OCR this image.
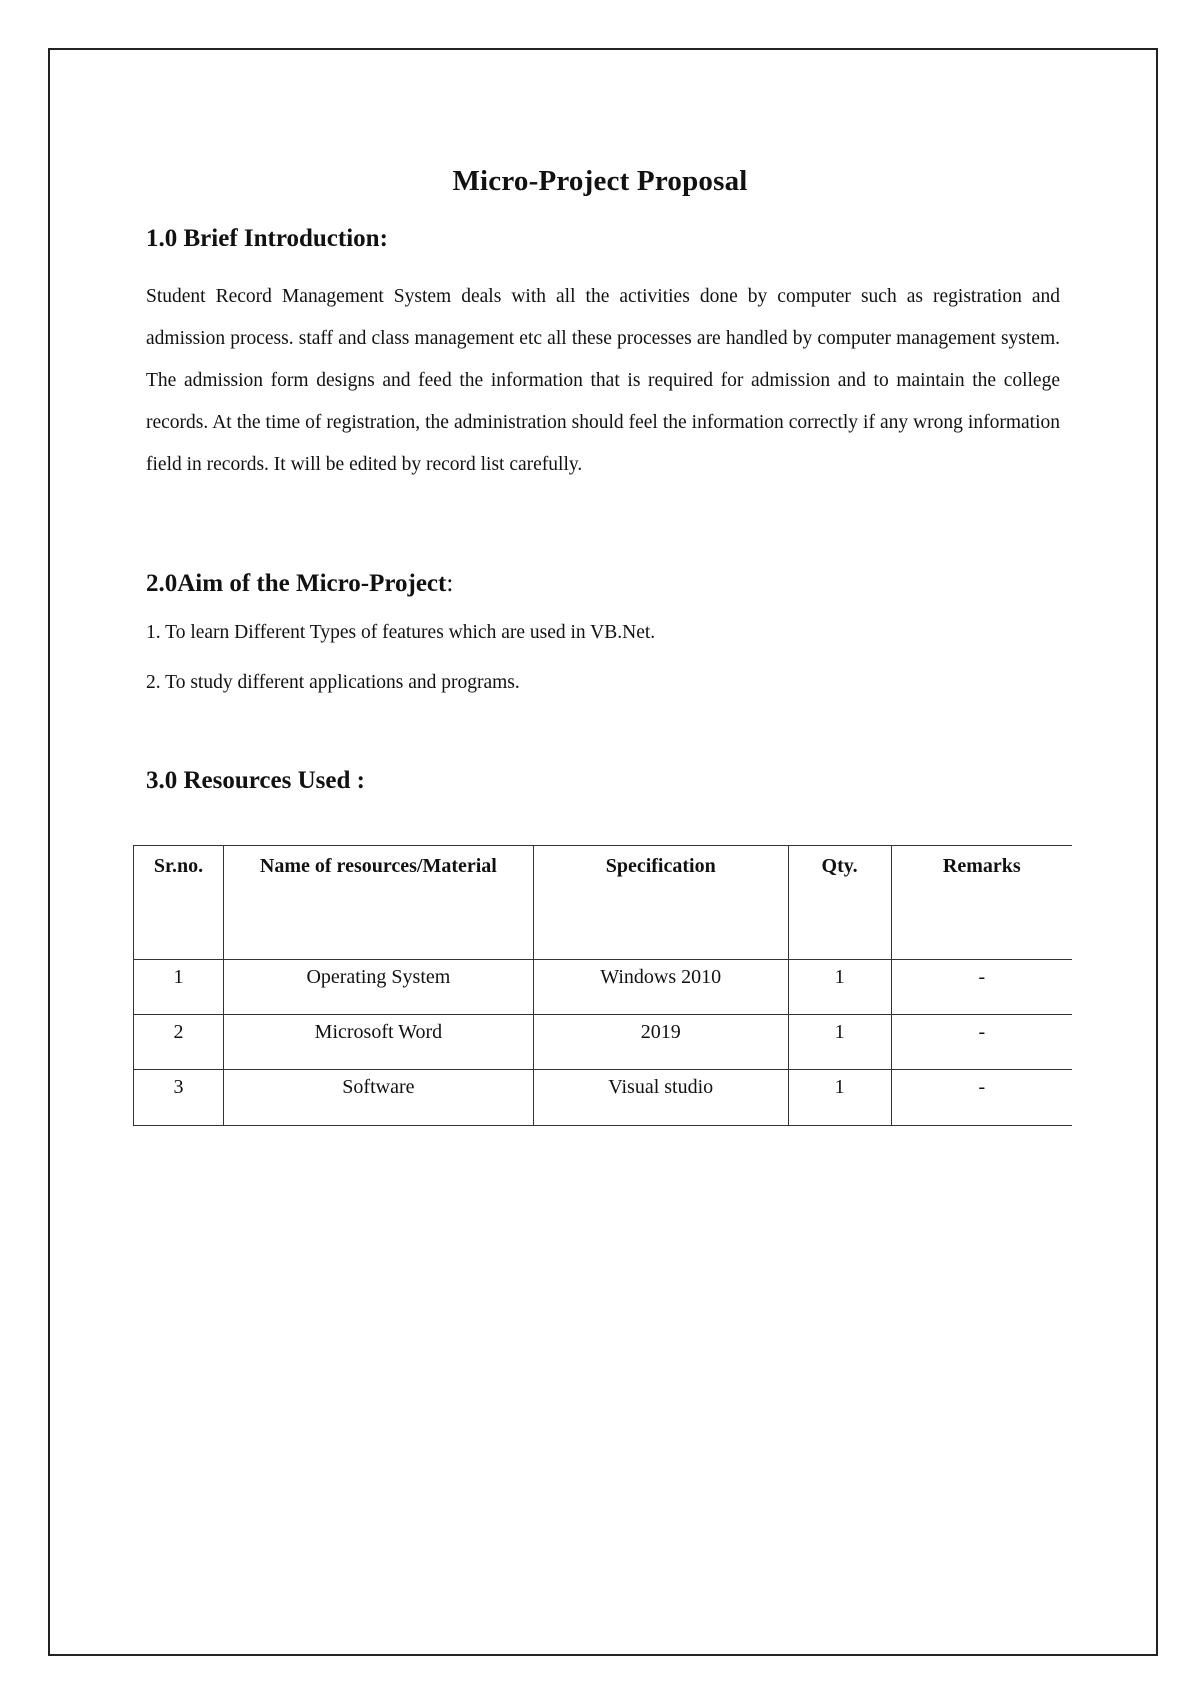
Micro-Project Proposal
1.0 Brief Introduction:

Student Record Management System deals with all the activities done by computer such as registration and admission process. staff and class management etc all these processes are handled by computer management system. The admission form designs and feed the information that is required for admission and to maintain the college records. At the time of registration, the administration should feel the information correctly if any wrong information field in records. It will be edited by record list carefully.

2.0Aim of the Micro-Project:

1. To learn Different Types of features which are used in VB.Net.

2. To study different applications and programs.

3.0 Resources Used :
Sr.no.	Name of resources/Material	Specification	Qty.	Remarks
1	Operating System	Windows 2010	1	-
2	Microsoft Word	2019	1	-
3	Software	Visual studio	1	-
